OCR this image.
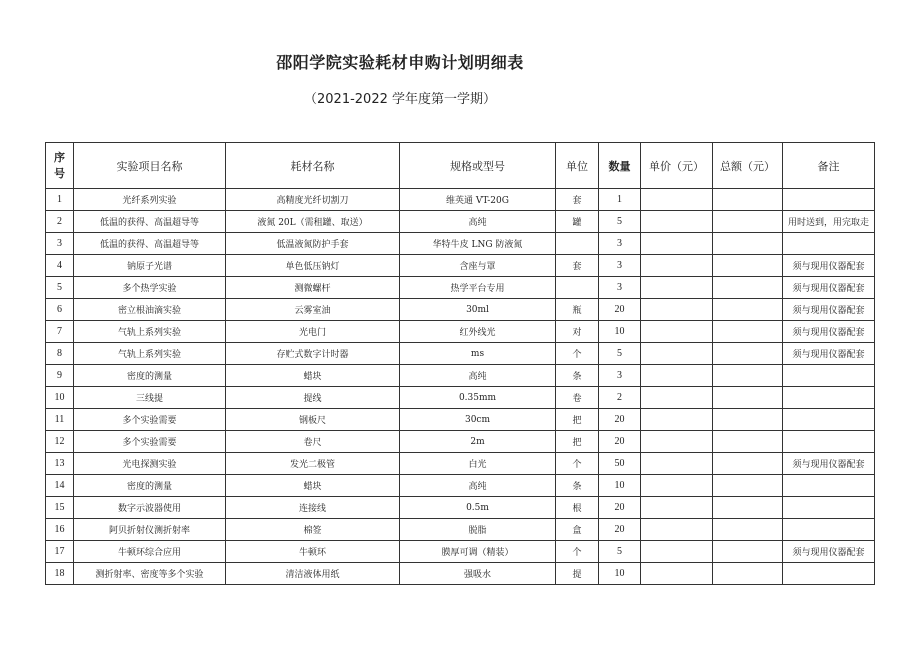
邵阳学院实验耗材申购计划明细表
（2021-2022 学年度第一学期）
序
号	实验项目名称	耗材名称	规格或型号	单位	数量	单价（元）	总额（元）	备注
1	光纤系列实验	高精度光纤切割刀	维英通 VT-20G	套	1			
2	低温的获得、高温超导等	液氮 20L（需租罐、取送）	高纯	罐	5			用时送到，用完取走
3	低温的获得、高温超导等	低温液氮防护手套	华特牛皮 LNG 防液氮		3			
4	钠原子光谱	单色低压钠灯	含座与罩	套	3			须与现用仪器配套
5	多个热学实验	测微螺杆	热学平台专用		3			须与现用仪器配套
6	密立根油滴实验	云雾室油	30ml	瓶	20			须与现用仪器配套
7	气轨上系列实验	光电门	红外线光	对	10			须与现用仪器配套
8	气轨上系列实验	存贮式数字计时器	ms	个	5			须与现用仪器配套
9	密度的测量	蜡块	高纯	条	3			
10	三线提	提线	0.35mm	卷	2			
11	多个实验需要	钢板尺	30cm	把	20			
12	多个实验需要	卷尺	2m	把	20			
13	光电探测实验	发光二极管	白光	个	50			须与现用仪器配套
14	密度的测量	蜡块	高纯	条	10			
15	数字示波器使用	连接线	0.5m	根	20			
16	阿贝折射仪测折射率	棉签	脱脂	盒	20			
17	牛顿环综合应用	牛顿环	膜厚可调（精装）	个	5			须与现用仪器配套
18	测折射率、密度等多个实验	清洁液体用纸	强吸水	提	10			
